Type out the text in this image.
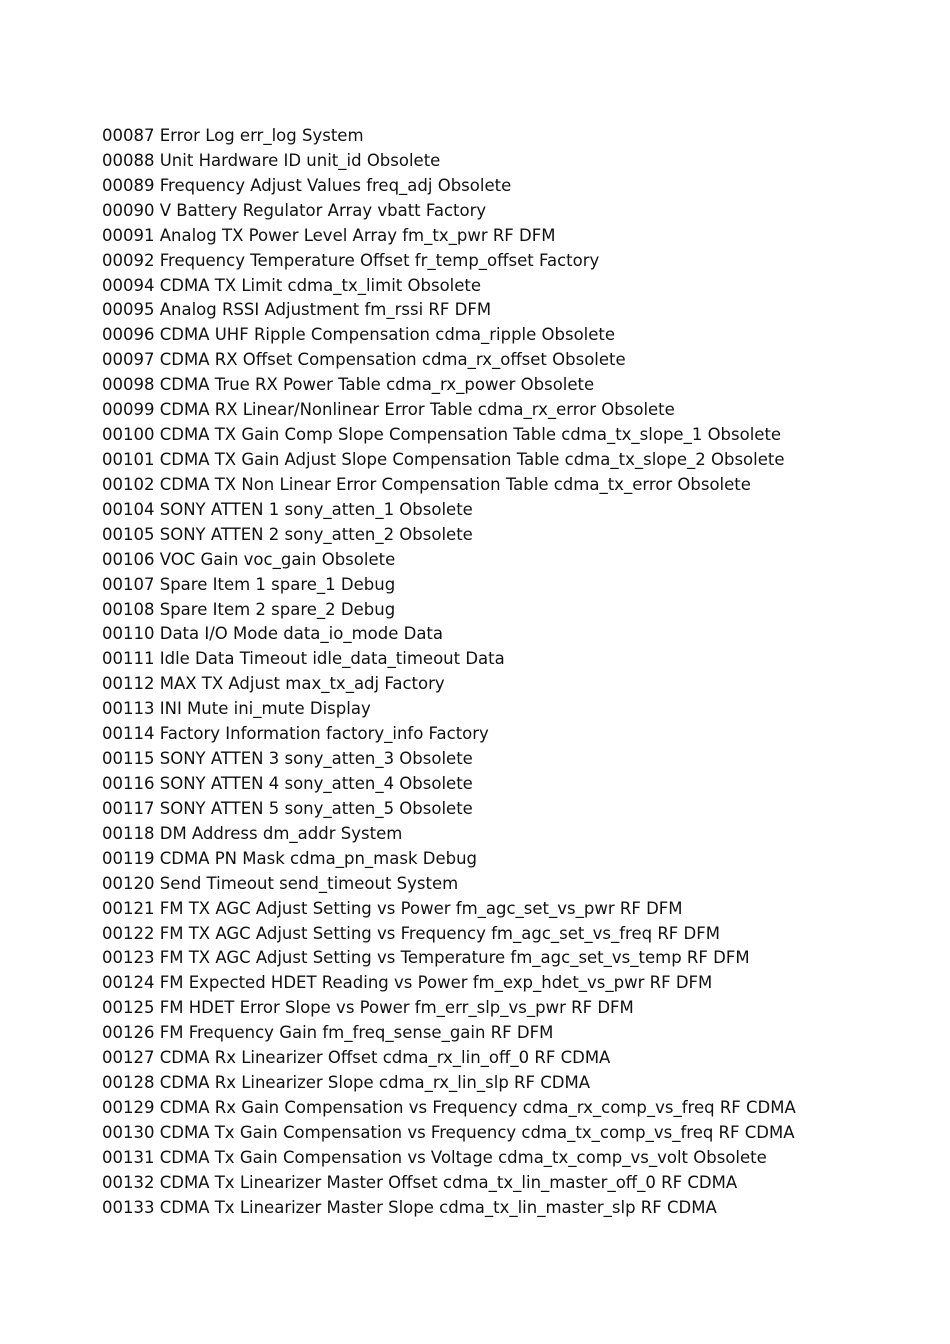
00087 Error Log err_log System
00088 Unit Hardware ID unit_id Obsolete
00089 Frequency Adjust Values freq_adj Obsolete
00090 V Battery Regulator Array vbatt Factory
00091 Analog TX Power Level Array fm_tx_pwr RF DFM
00092 Frequency Temperature Offset fr_temp_offset Factory
00094 CDMA TX Limit cdma_tx_limit Obsolete
00095 Analog RSSI Adjustment fm_rssi RF DFM
00096 CDMA UHF Ripple Compensation cdma_ripple Obsolete
00097 CDMA RX Offset Compensation cdma_rx_offset Obsolete
00098 CDMA True RX Power Table cdma_rx_power Obsolete
00099 CDMA RX Linear/Nonlinear Error Table cdma_rx_error Obsolete
00100 CDMA TX Gain Comp Slope Compensation Table cdma_tx_slope_1 Obsolete
00101 CDMA TX Gain Adjust Slope Compensation Table cdma_tx_slope_2 Obsolete
00102 CDMA TX Non Linear Error Compensation Table cdma_tx_error Obsolete
00104 SONY ATTEN 1 sony_atten_1 Obsolete
00105 SONY ATTEN 2 sony_atten_2 Obsolete
00106 VOC Gain voc_gain Obsolete
00107 Spare Item 1 spare_1 Debug
00108 Spare Item 2 spare_2 Debug
00110 Data I/O Mode data_io_mode Data
00111 Idle Data Timeout idle_data_timeout Data
00112 MAX TX Adjust max_tx_adj Factory
00113 INI Mute ini_mute Display
00114 Factory Information factory_info Factory
00115 SONY ATTEN 3 sony_atten_3 Obsolete
00116 SONY ATTEN 4 sony_atten_4 Obsolete
00117 SONY ATTEN 5 sony_atten_5 Obsolete
00118 DM Address dm_addr System
00119 CDMA PN Mask cdma_pn_mask Debug
00120 Send Timeout send_timeout System
00121 FM TX AGC Adjust Setting vs Power fm_agc_set_vs_pwr RF DFM
00122 FM TX AGC Adjust Setting vs Frequency fm_agc_set_vs_freq RF DFM
00123 FM TX AGC Adjust Setting vs Temperature fm_agc_set_vs_temp RF DFM
00124 FM Expected HDET Reading vs Power fm_exp_hdet_vs_pwr RF DFM
00125 FM HDET Error Slope vs Power fm_err_slp_vs_pwr RF DFM
00126 FM Frequency Gain fm_freq_sense_gain RF DFM
00127 CDMA Rx Linearizer Offset cdma_rx_lin_off_0 RF CDMA
00128 CDMA Rx Linearizer Slope cdma_rx_lin_slp RF CDMA
00129 CDMA Rx Gain Compensation vs Frequency cdma_rx_comp_vs_freq RF CDMA
00130 CDMA Tx Gain Compensation vs Frequency cdma_tx_comp_vs_freq RF CDMA
00131 CDMA Tx Gain Compensation vs Voltage cdma_tx_comp_vs_volt Obsolete
00132 CDMA Tx Linearizer Master Offset cdma_tx_lin_master_off_0 RF CDMA
00133 CDMA Tx Linearizer Master Slope cdma_tx_lin_master_slp RF CDMA
